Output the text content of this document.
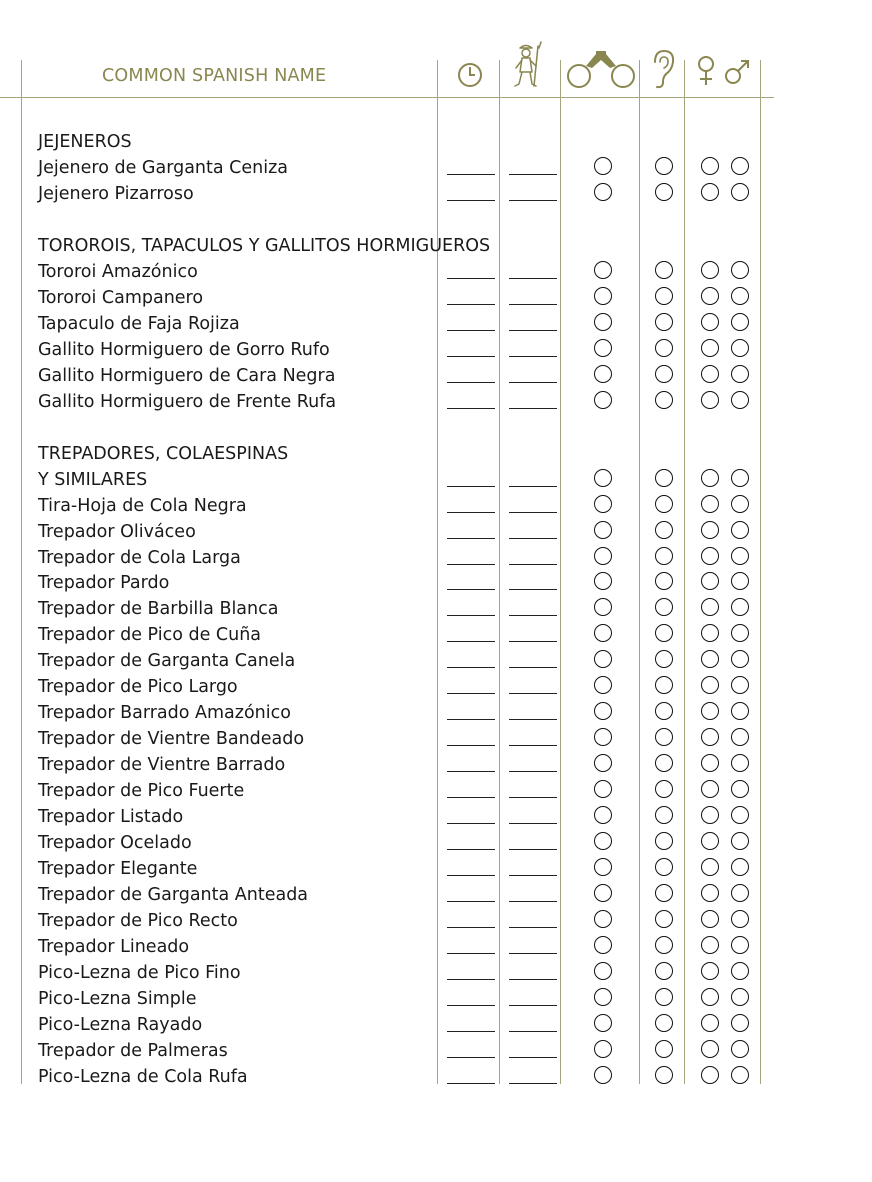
COMMON SPANISH NAME
JEJENEROS
Jejenero de Garganta Ceniza
Jejenero Pizarroso
TOROROIS, TAPACULOS Y GALLITOS HORMIGUEROS
Tororoi Amazónico
Tororoi Campanero
Tapaculo de Faja Rojiza
Gallito Hormiguero de Gorro Rufo
Gallito Hormiguero de Cara Negra
Gallito Hormiguero de Frente Rufa
TREPADORES, COLAESPINAS
Y SIMILARES
Tira-Hoja de Cola Negra
Trepador Oliváceo
Trepador de Cola Larga
Trepador Pardo
Trepador de Barbilla Blanca
Trepador de Pico de Cuña
Trepador de Garganta Canela
Trepador de Pico Largo
Trepador Barrado Amazónico
Trepador de Vientre Bandeado
Trepador de Vientre Barrado
Trepador de Pico Fuerte
Trepador Listado
Trepador Ocelado
Trepador Elegante
Trepador de Garganta Anteada
Trepador de Pico Recto
Trepador Lineado
Pico-Lezna de Pico Fino
Pico-Lezna Simple
Pico-Lezna Rayado
Trepador de Palmeras
Pico-Lezna de Cola Rufa
